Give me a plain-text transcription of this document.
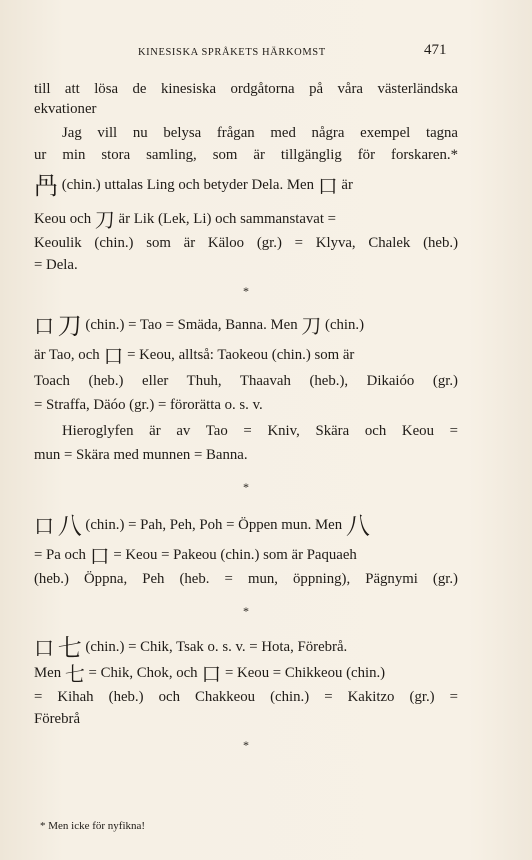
KINESISKA SPRÅKETS HÄRKOMST	471
till att lösa de kinesiska ordgåtorna på våra västerländska
ekvationer
Jag vill nu belysa frågan med några exempel tagna
ur min stora samling, som är tillgänglig för forskaren.*
冎 (chin.) uttalas Ling och betyder Dela. Men 口 är
Keou och 刀 är Lik (Lek, Li) och sammanstavat =
Keoulik (chin.) som är Käloo (gr.) = Klyva, Chalek (heb.)
= Dela.
*
口 刀 (chin.) = Tao = Smäda, Banna. Men 刀 (chin.)
är Tao, och 口 = Keou, alltså: Taokeou (chin.) som är
Toach (heb.) eller Thuh, Thaavah (heb.), Dikaióo (gr.)
= Straffa, Däóo (gr.) = förorätta o. s. v.
Hieroglyfen är av Tao = Kniv, Skära och Keou =
mun = Skära med munnen = Banna.
*
口 八 (chin.) = Pah, Peh, Poh = Öppen mun. Men 八
= Pa och 口 = Keou = Pakeou (chin.) som är Paquaeh
(heb.) Öppna, Peh (heb. = mun, öppning), Pägnymi (gr.)
*
口 七 (chin.) = Chik, Tsak o. s. v. = Hota, Förebrå.
Men 七 = Chik, Chok, och 口 = Keou = Chikkeou (chin.)
= Kihah (heb.) och Chakkeou (chin.) = Kakitzo (gr.) =
Förebrå
*
* Men icke för nyfikna!
